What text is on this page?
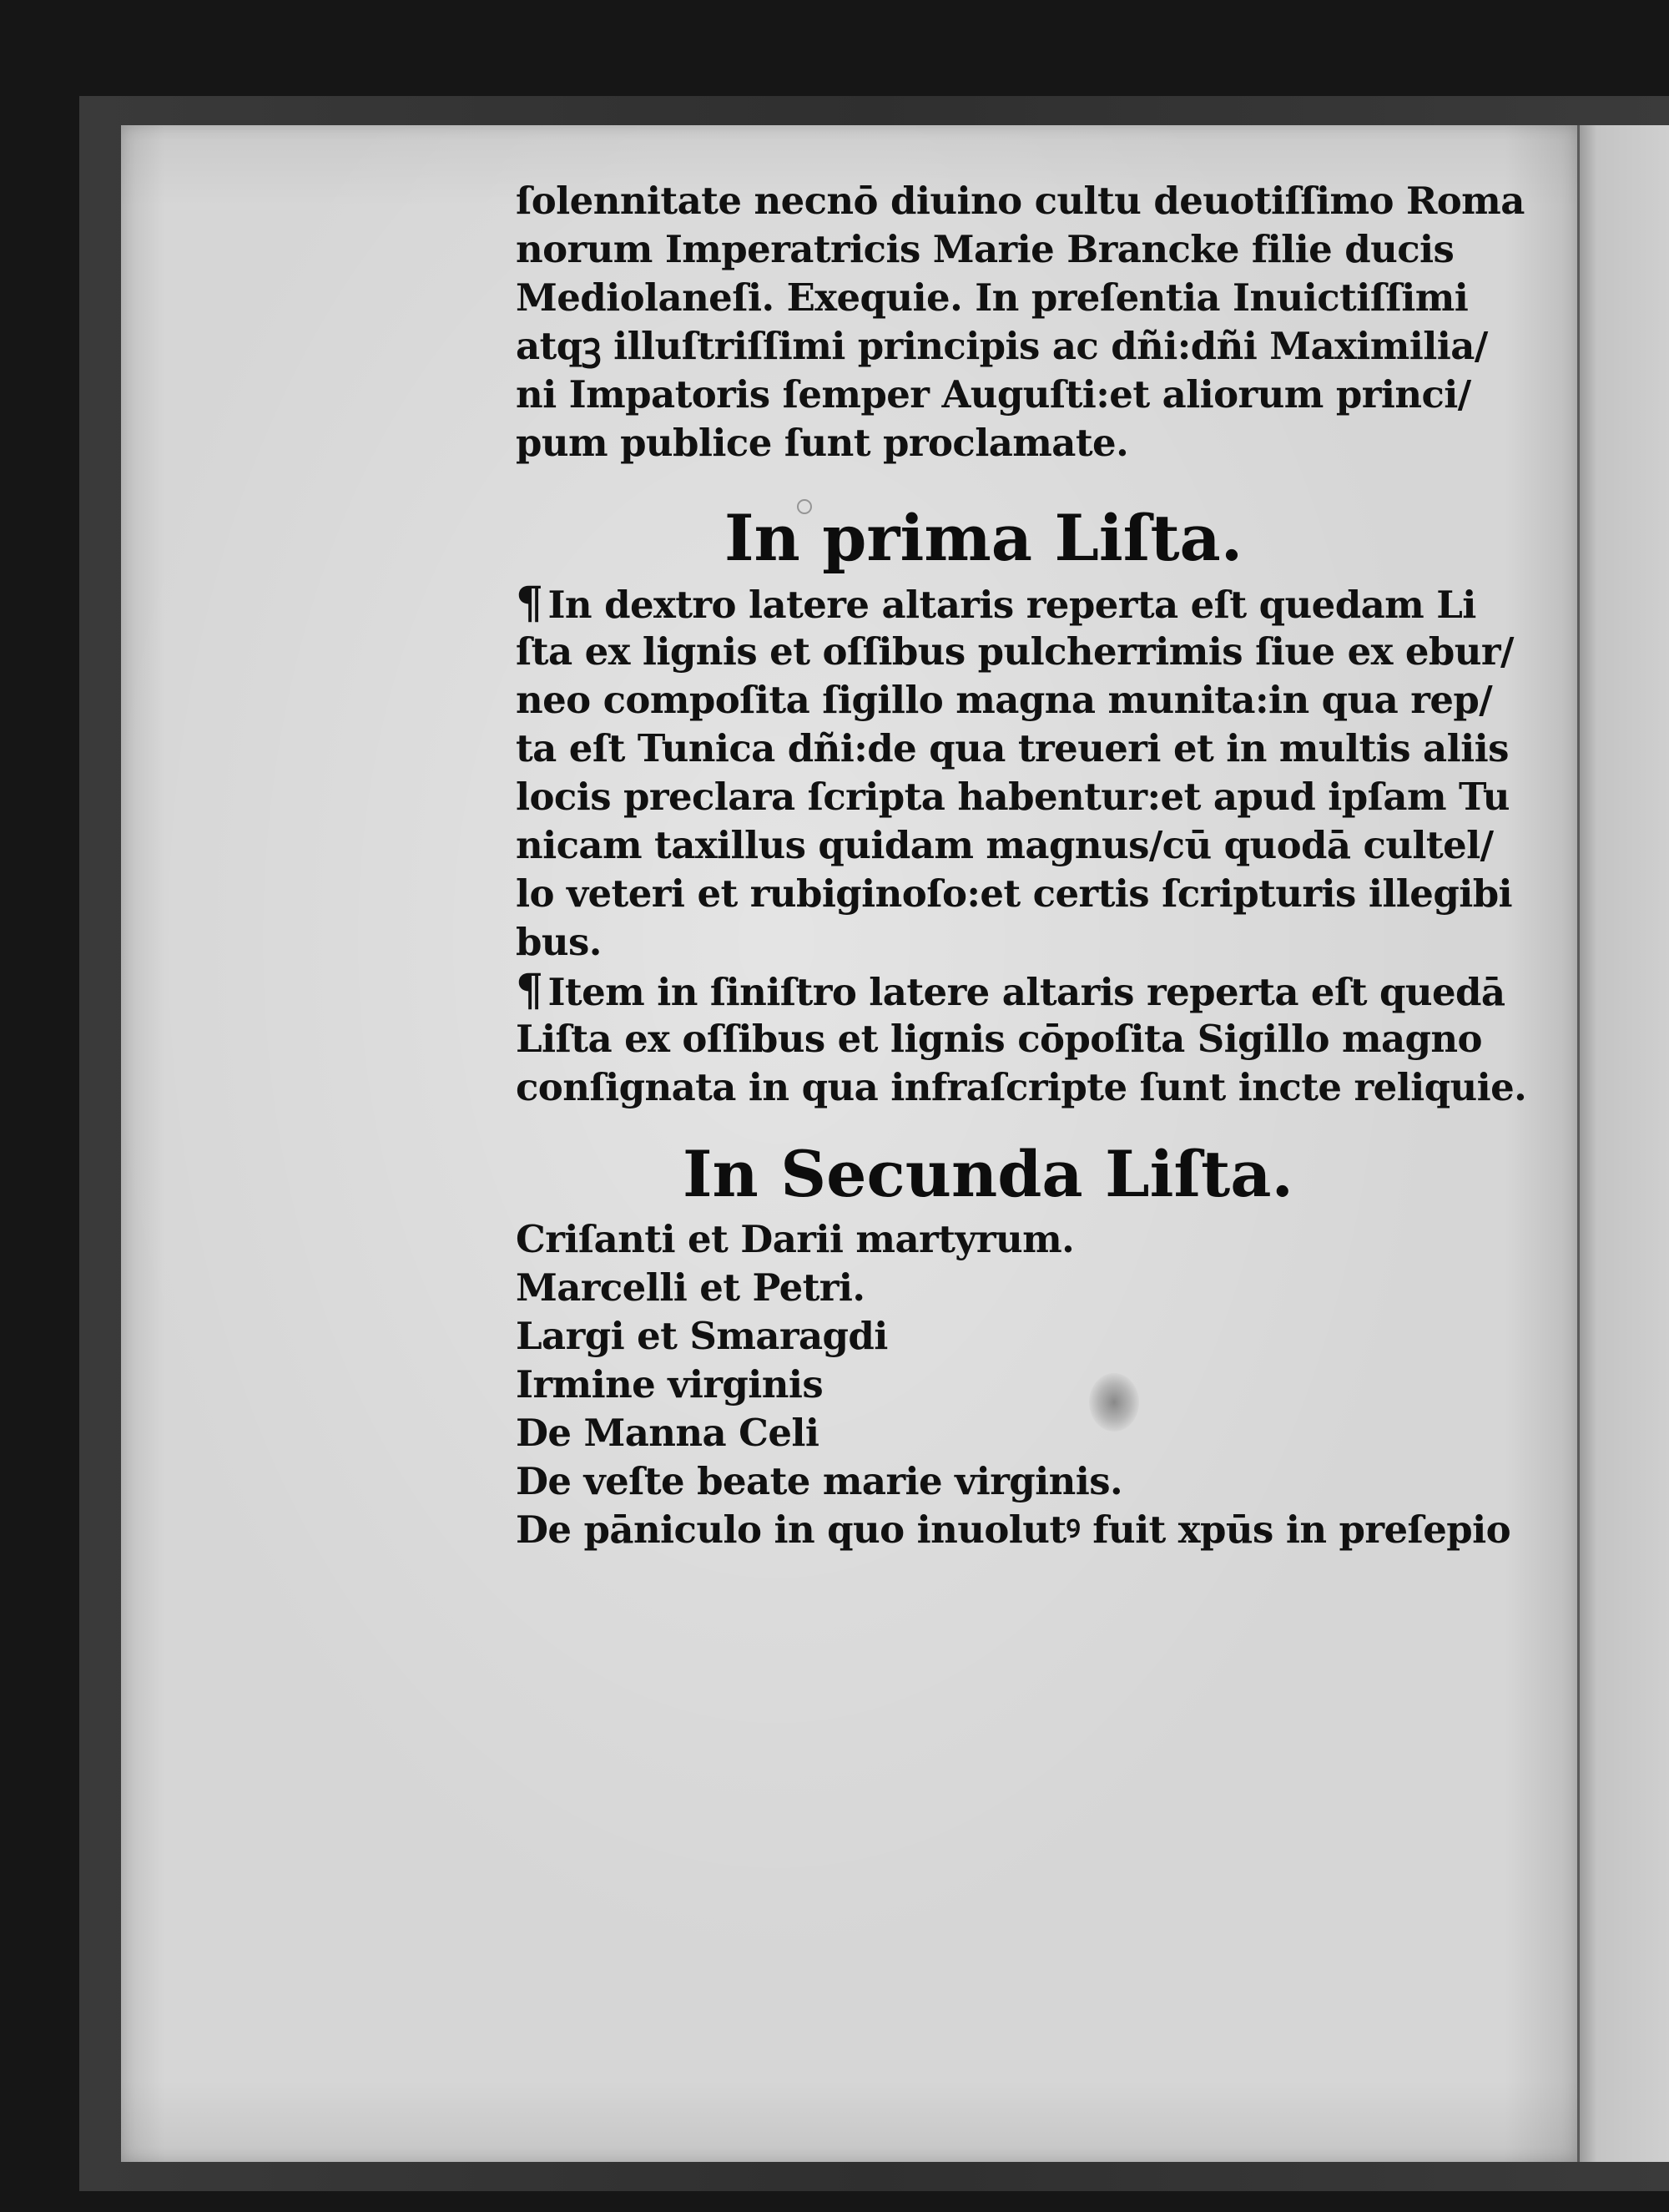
ſolennitate necnō diuino cultu deuotiſſimo Roma
norum Imperatricis Marie Brancke filie ducis
Mediolaneſi. Exequie. In preſentia Inuictiſſimi
atqꝫ illuſtriſſimi principis ac dñi:dñi Maximilia/
ni Impatoris ſemper Auguſti:et aliorum princi/
pum publice ſunt proclamate.
In prima Liſta.
¶ In dextro latere altaris reperta eſt quedam Li
ſta ex lignis et oſſibus pulcherrimis ſiue ex ebur/
neo compoſita ſigillo magna munita:in qua rep/
ta eſt Tunica dñi:de qua treueri et in multis aliis
locis preclara ſcripta habentur:et apud ipſam Tu
nicam taxillus quidam magnus/cū quodā cultel/
lo veteri et rubiginoſo:et certis ſcripturis illegibi
bus.
¶ Item in ſiniſtro latere altaris reperta eſt quedā
Liſta ex oſſibus et lignis cōpoſita Sigillo magno
conſignata in qua infraſcripte ſunt incte reliquie.
In Secunda Liſta.
Criſanti et Darii martyrum.
Marcelli et Petri.
Largi et Smaragdi
Irmine virginis
De Manna Celi
De veſte beate marie virginis.
De pāniculo in quo inuolutꝰ fuit xpūs in preſepio
